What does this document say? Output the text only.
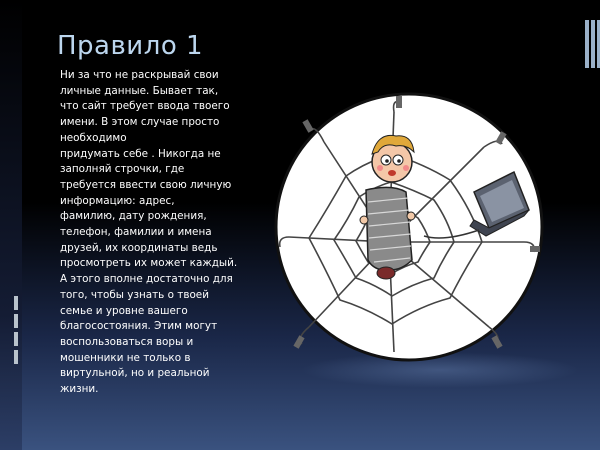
Правило 1
Ни за что не раскрывай свои
личные данные. Бывает так,
что сайт требует ввода твоего
имени. В этом случае просто
необходимо
придумать себе . Никогда не
заполняй строчки, где
требуется ввести свою личную
информацию: адрес,
фамилию, дату рождения,
телефон, фамилии и имена
друзей, их координаты ведь
просмотреть их может каждый.
А этого вполне достаточно для
того, чтобы узнать о твоей
семье и уровне вашего
благосостояния. Этим могут
воспользоваться воры и
мошенники не только в
виртульной, но и реальной
жизни.
